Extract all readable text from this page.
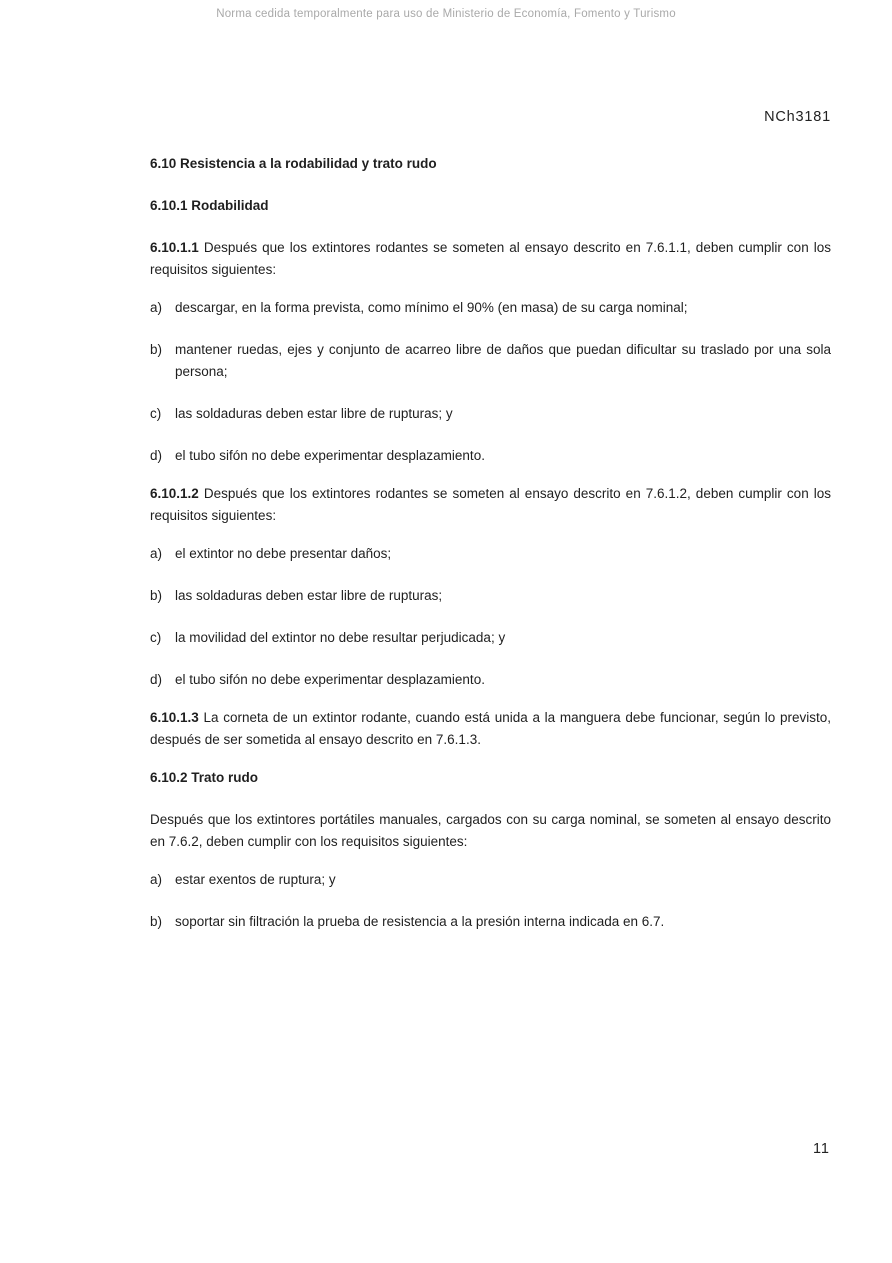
Norma cedida temporalmente para uso de Ministerio de Economía, Fomento y Turismo
NCh3181
6.10 Resistencia a la rodabilidad y trato rudo
6.10.1 Rodabilidad

6.10.1.1 Después que los extintores rodantes se someten al ensayo descrito en 7.6.1.1, deben cumplir con los requisitos siguientes:

a) descargar, en la forma prevista, como mínimo el 90% (en masa) de su carga nominal;
b) mantener ruedas, ejes y conjunto de acarreo libre de daños que puedan dificultar su traslado por una sola persona;
c)	las soldaduras deben estar libre de rupturas; y
d) el tubo sifón no debe experimentar desplazamiento.

6.10.1.2 Después que los extintores rodantes se someten al ensayo descrito en 7.6.1.2, deben cumplir con los requisitos siguientes:

a) el extintor no debe presentar daños;
b) las soldaduras deben estar libre de rupturas;
c)	la movilidad del extintor no debe resultar perjudicada; y
d) el tubo sifón no debe experimentar desplazamiento.

6.10.1.3 La corneta de un extintor rodante, cuando está unida a la manguera debe funcionar, según lo previsto, después de ser sometida al ensayo descrito en 7.6.1.3.

6.10.2 Trato rudo

Después que los extintores portátiles manuales, cargados con su carga nominal, se someten al ensayo descrito en 7.6.2, deben cumplir con los requisitos siguientes:

a) estar exentos de ruptura; y
b) soportar sin filtración la prueba de resistencia a la presión interna indicada en 6.7.
11
